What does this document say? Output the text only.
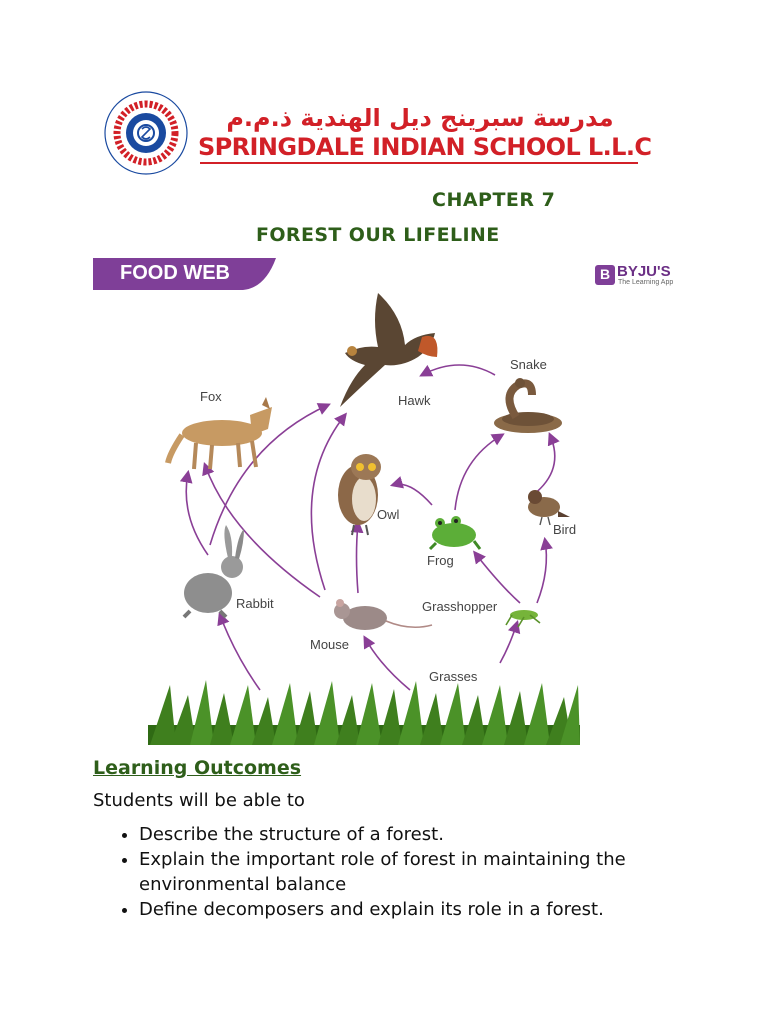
مدرسة سبرينج ديل الهندية ذ.م.م
SPRINGDALE INDIAN SCHOOL L.L.C
CHAPTER 7
FOREST OUR LIFELINE
FOOD WEB	B BYJU'S
The Learning App
Hawk
Snake
Fox
Owl
Bird
Frog
Rabbit
Mouse
Grasshopper
Grasses
Learning Outcomes
Students will be able to
• Describe the structure of a forest.
• Explain the important role of forest in maintaining the environmental balance
• Define decomposers and explain its role in a forest.
